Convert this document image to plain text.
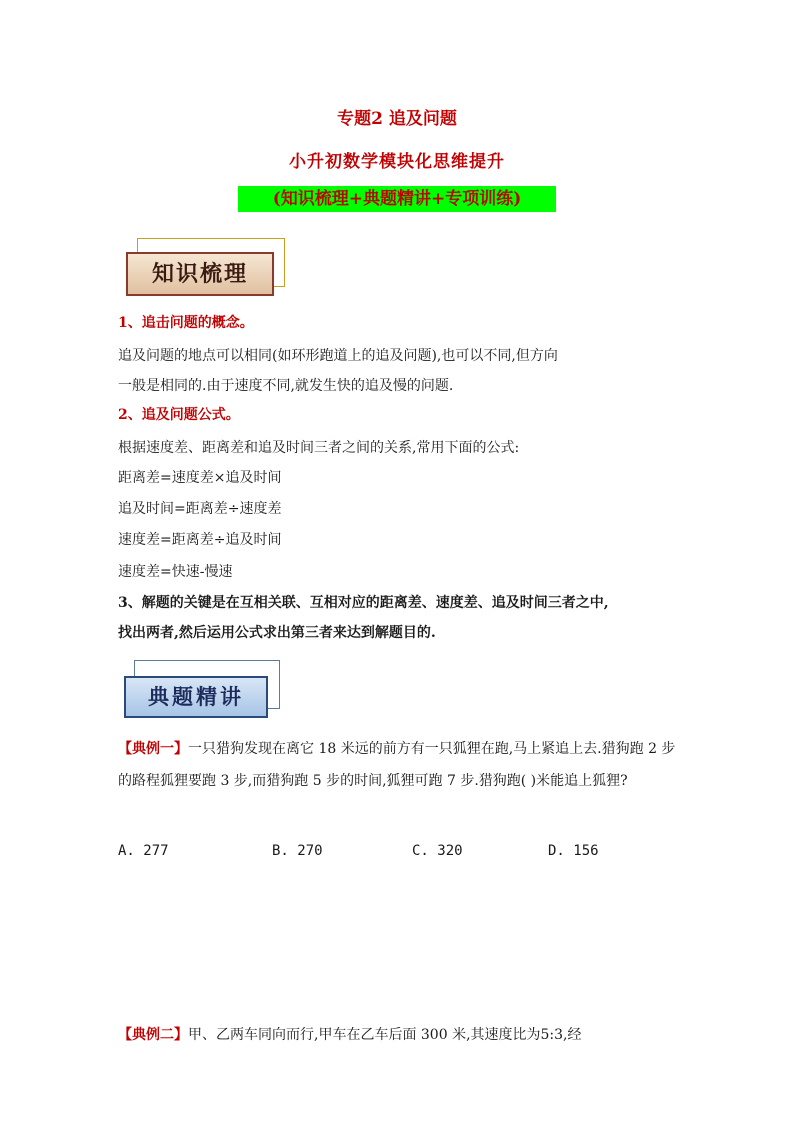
专题2 追及问题
小升初数学模块化思维提升
(知识梳理+典题精讲+专项训练)
知识梳理
1、追击问题的概念。
追及问题的地点可以相同(如环形跑道上的追及问题),也可以不同,但方向
一般是相同的.由于速度不同,就发生快的追及慢的问题.
2、追及问题公式。
根据速度差、距离差和追及时间三者之间的关系,常用下面的公式:
距离差=速度差×追及时间
追及时间=距离差÷速度差
速度差=距离差÷追及时间
速度差=快速-慢速
3、解题的关键是在互相关联、互相对应的距离差、速度差、追及时间三者之中,
找出两者,然后运用公式求出第三者来达到解题目的.
典题精讲
【典例一】一只猎狗发现在离它 18 米远的前方有一只狐狸在跑,马上紧追上去.猎狗跑 2 步的路程狐狸要跑 3 步,而猎狗跑 5 步的时间,狐狸可跑 7 步.猎狗跑( )米能追上狐狸?
A. 277	B. 270	C. 320	D. 156
【典例二】甲、乙两车同向而行,甲车在乙车后面 300 米,其速度比为5:3,经
